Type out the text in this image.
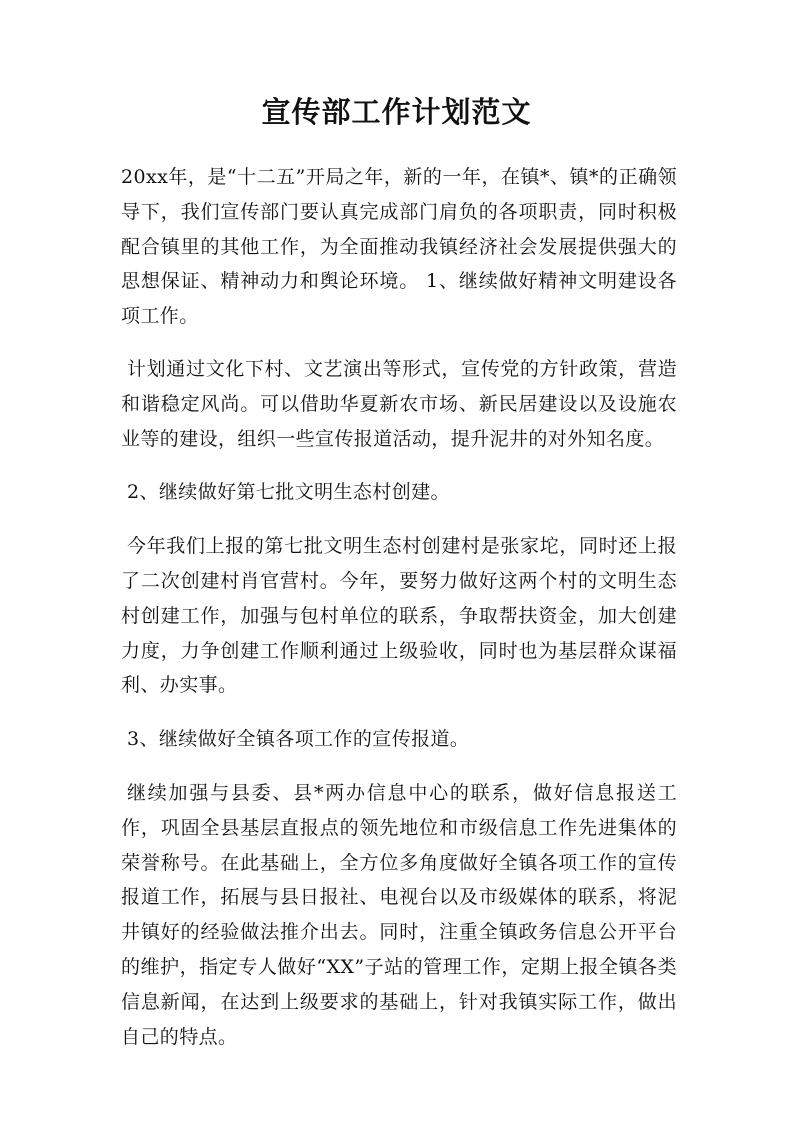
宣传部工作计划范文

20xx年，是“十二五”开局之年，新的一年，在镇*、镇*的正确领导下，我们宣传部门要认真完成部门肩负的各项职责，同时积极配合镇里的其他工作，为全面推动我镇经济社会发展提供强大的思想保证、精神动力和舆论环境。 1、继续做好精神文明建设各项工作。

计划通过文化下村、文艺演出等形式，宣传党的方针政策，营造和谐稳定风尚。可以借助华夏新农市场、新民居建设以及设施农业等的建设，组织一些宣传报道活动，提升泥井的对外知名度。

2、继续做好第七批文明生态村创建。

今年我们上报的第七批文明生态村创建村是张家坨，同时还上报了二次创建村肖官营村。今年，要努力做好这两个村的文明生态村创建工作，加强与包村单位的联系，争取帮扶资金，加大创建力度，力争创建工作顺利通过上级验收，同时也为基层群众谋福利、办实事。

3、继续做好全镇各项工作的宣传报道。

继续加强与县委、县*两办信息中心的联系，做好信息报送工作，巩固全县基层直报点的领先地位和市级信息工作先进集体的荣誉称号。在此基础上，全方位多角度做好全镇各项工作的宣传报道工作，拓展与县日报社、电视台以及市级媒体的联系，将泥井镇好的经验做法推介出去。同时，注重全镇政务信息公开平台的维护，指定专人做好“XX”子站的管理工作，定期上报全镇各类信息新闻，在达到上级要求的基础上，针对我镇实际工作，做出自己的特点。
